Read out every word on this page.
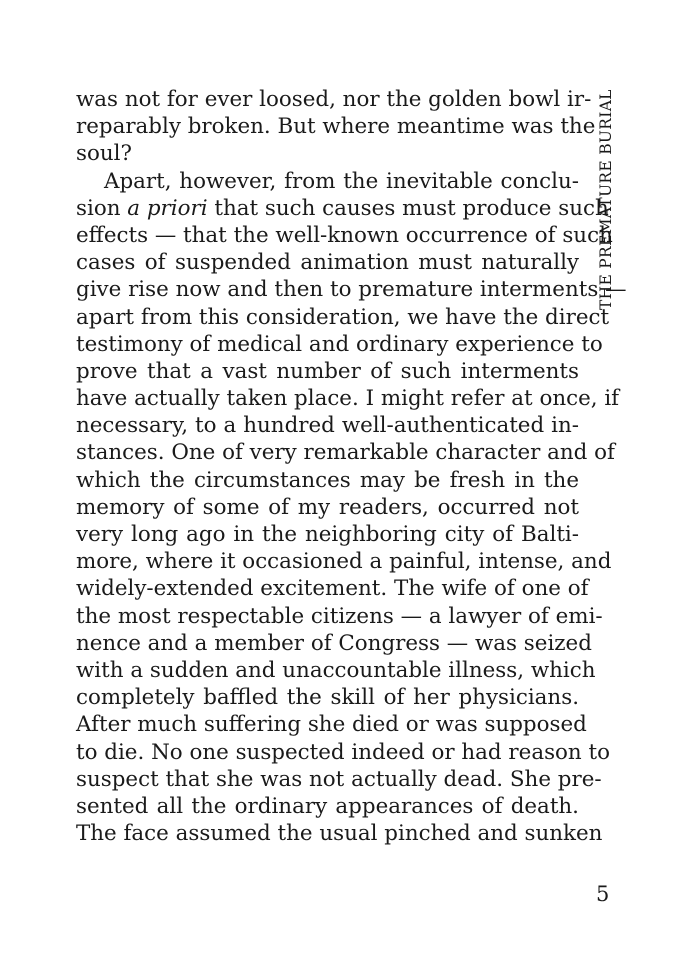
was not for ever loosed, nor the golden bowl ir-
reparably broken. But where meantime was the
soul?
Apart, however, from the inevitable conclu-
sion a priori that such causes must produce such
effects — that the well-known occurrence of such
cases of suspended animation must naturally
give rise now and then to premature interments —
apart from this consideration, we have the direct
testimony of medical and ordinary experience to
prove that a vast number of such interments
have actually taken place. I might refer at once, if
necessary, to a hundred well-authenticated in-
stances. One of very remarkable character and of
which the circumstances may be fresh in the
memory of some of my readers, occurred not
very long ago in the neighboring city of Balti-
more, where it occasioned a painful, intense, and
widely-extended excitement. The wife of one of
the most respectable citizens — a lawyer of emi-
nence and a member of Congress — was seized
with a sudden and unaccountable illness, which
completely baffled the skill of her physicians.
After much suffering she died or was supposed
to die. No one suspected indeed or had reason to
suspect that she was not actually dead. She pre-
sented all the ordinary appearances of death.
The face assumed the usual pinched and sunken
THE PREMATURE BURIAL
5
